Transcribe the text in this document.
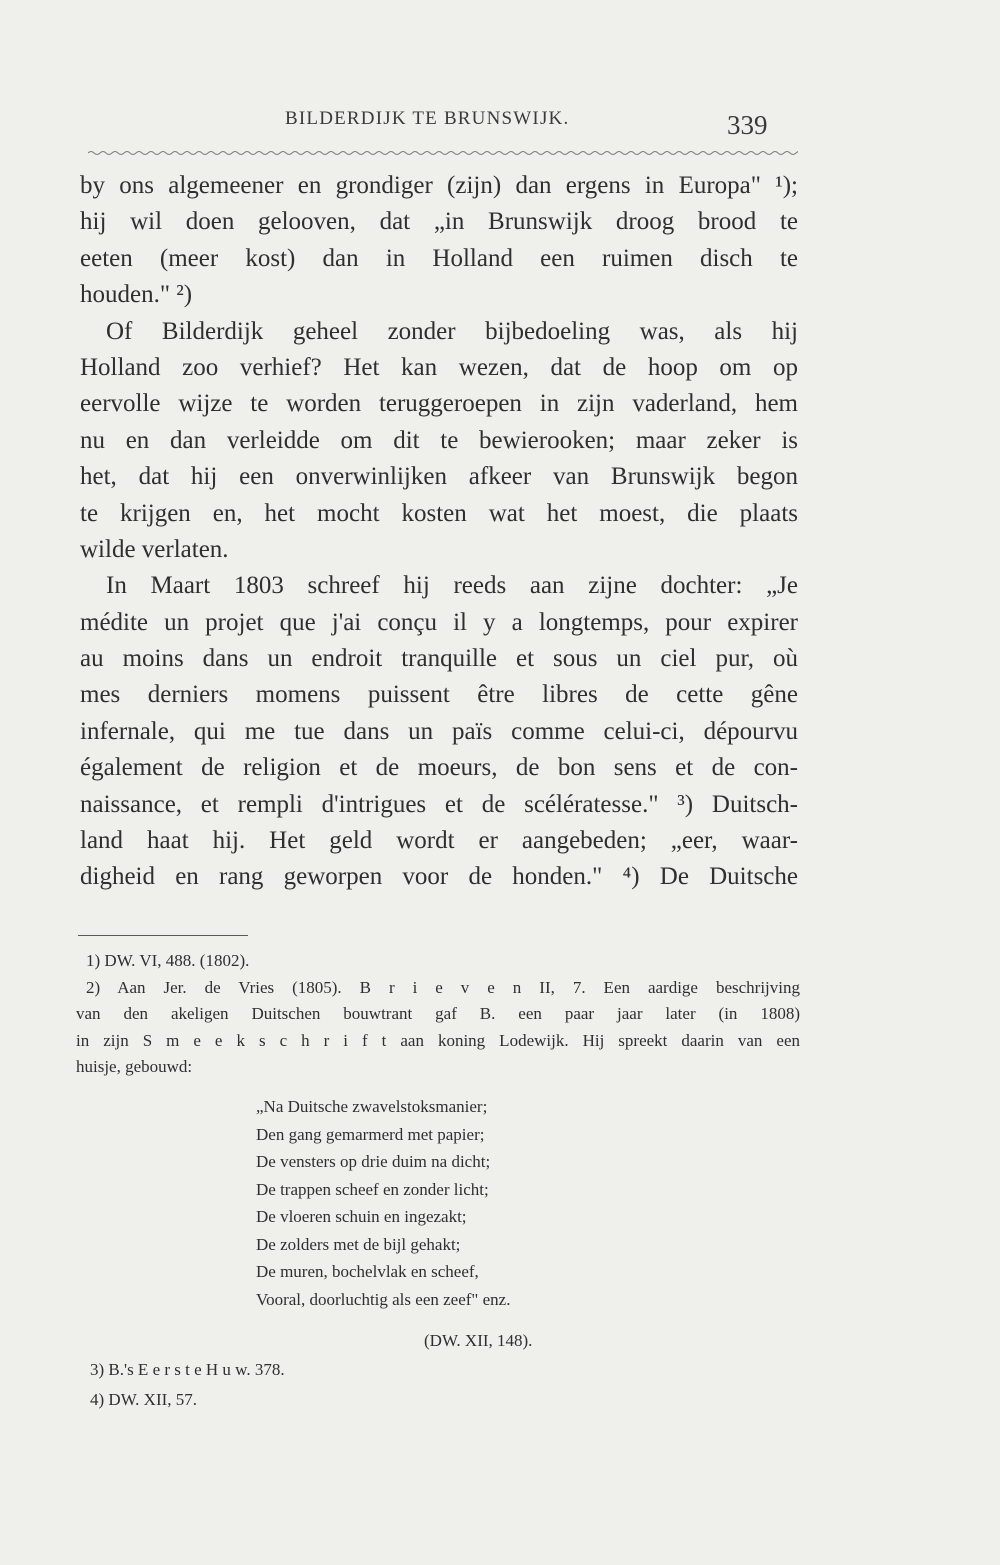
BILDERDIJK TE BRUNSWIJK.	339
by ons algemeener en grondiger (zijn) dan ergens in Europa" ¹);
hij wil doen gelooven, dat „in Brunswijk droog brood te
eeten (meer kost) dan in Holland een ruimen disch te
houden." ²)
Of Bilderdijk geheel zonder bijbedoeling was, als hij
Holland zoo verhief? Het kan wezen, dat de hoop om op
eervolle wijze te worden teruggeroepen in zijn vaderland, hem
nu en dan verleidde om dit te bewierooken; maar zeker is
het, dat hij een onverwinlijken afkeer van Brunswijk begon
te krijgen en, het mocht kosten wat het moest, die plaats
wilde verlaten.
In Maart 1803 schreef hij reeds aan zijne dochter: „Je
médite un projet que j'ai conçu il y a longtemps, pour expirer
au moins dans un endroit tranquille et sous un ciel pur, où
mes derniers momens puissent être libres de cette gêne
infernale, qui me tue dans un païs comme celui-ci, dépourvu
également de religion et de moeurs, de bon sens et de con-
naissance, et rempli d'intrigues et de scélératesse." ³) Duitsch-
land haat hij. Het geld wordt er aangebeden; „eer, waar-
digheid en rang geworpen voor de honden." ⁴) De Duitsche
1) DW. VI, 488. (1802).
2) Aan Jer. de Vries (1805). B r i e v e n II, 7. Een aardige beschrijving
van den akeligen Duitschen bouwtrant gaf B. een paar jaar later (in 1808)
in zijn S m e e k s c h r i f t aan koning Lodewijk. Hij spreekt daarin van een
huisje, gebouwd:
„Na Duitsche zwavelstoksmanier;
Den gang gemarmerd met papier;
De vensters op drie duim na dicht;
De trappen scheef en zonder licht;
De vloeren schuin en ingezakt;
De zolders met de bijl gehakt;
De muren, bochelvlak en scheef,
Vooral, doorluchtig als een zeef" enz.
(DW. XII, 148).
3) B.'s E e r s t e H u w. 378.
4) DW. XII, 57.
